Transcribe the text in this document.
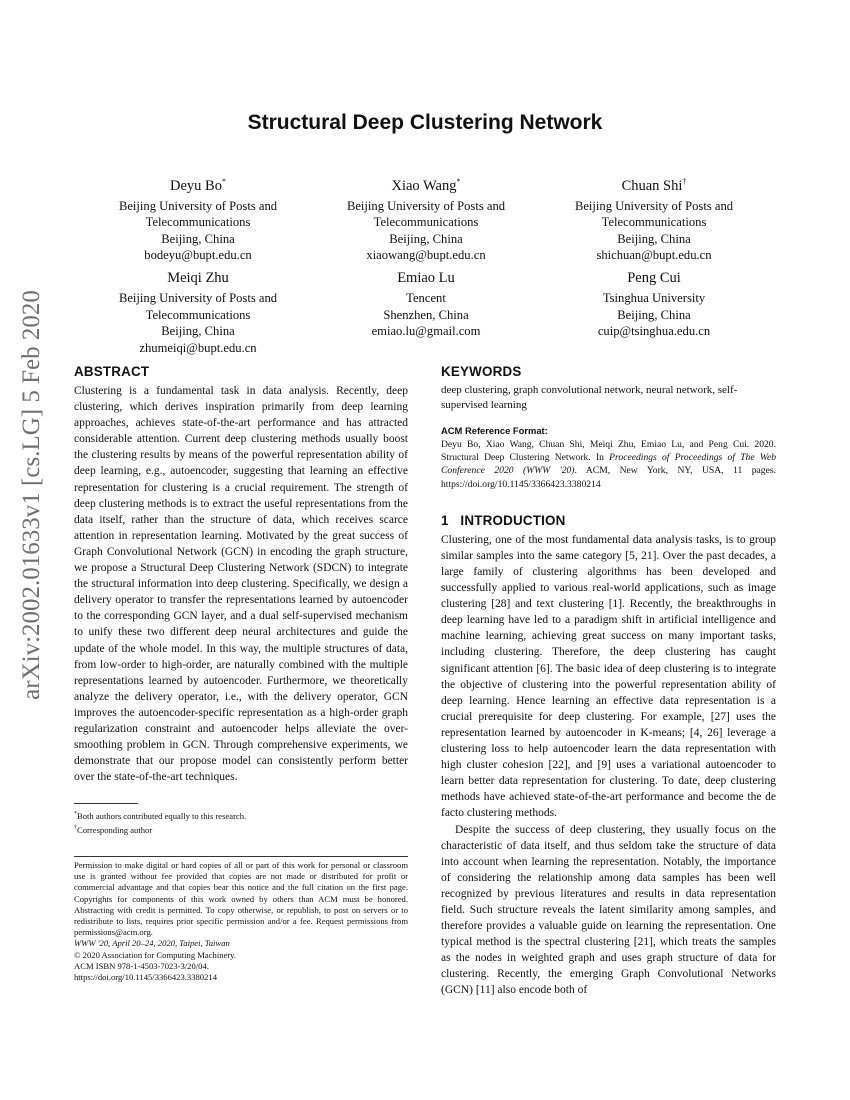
arXiv:2002.01633v1 [cs.LG] 5 Feb 2020
Structural Deep Clustering Network
Deyu Bo*
Beijing University of Posts and
Telecommunications
Beijing, China
bodeyu@bupt.edu.cn
Xiao Wang*
Beijing University of Posts and
Telecommunications
Beijing, China
xiaowang@bupt.edu.cn
Chuan Shi†
Beijing University of Posts and
Telecommunications
Beijing, China
shichuan@bupt.edu.cn
Meiqi Zhu
Beijing University of Posts and
Telecommunications
Beijing, China
zhumeiqi@bupt.edu.cn
Emiao Lu
Tencent
Shenzhen, China
emiao.lu@gmail.com
Peng Cui
Tsinghua University
Beijing, China
cuip@tsinghua.edu.cn
ABSTRACT

Clustering is a fundamental task in data analysis. Recently, deep clustering, which derives inspiration primarily from deep learning approaches, achieves state-of-the-art performance and has attracted considerable attention. Current deep clustering methods usually boost the clustering results by means of the powerful representation ability of deep learning, e.g., autoencoder, suggesting that learning an effective representation for clustering is a crucial requirement. The strength of deep clustering methods is to extract the useful representations from the data itself, rather than the structure of data, which receives scarce attention in representation learning. Motivated by the great success of Graph Convolutional Network (GCN) in encoding the graph structure, we propose a Structural Deep Clustering Network (SDCN) to integrate the structural information into deep clustering. Specifically, we design a delivery operator to transfer the representations learned by autoencoder to the corresponding GCN layer, and a dual self-supervised mechanism to unify these two different deep neural architectures and guide the update of the whole model. In this way, the multiple structures of data, from low-order to high-order, are naturally combined with the multiple representations learned by autoencoder. Furthermore, we theoretically analyze the delivery operator, i.e., with the delivery operator, GCN improves the autoencoder-specific representation as a high-order graph regularization constraint and autoencoder helps alleviate the over-smoothing problem in GCN. Through comprehensive experiments, we demonstrate that our propose model can consistently perform better over the state-of-the-art techniques.

*Both authors contributed equally to this research.
†Corresponding author

Permission to make digital or hard copies of all or part of this work for personal or classroom use is granted without fee provided that copies are not made or distributed for profit or commercial advantage and that copies bear this notice and the full citation on the first page. Copyrights for components of this work owned by others than ACM must be honored. Abstracting with credit is permitted. To copy otherwise, or republish, to post on servers or to redistribute to lists, requires prior specific permission and/or a fee. Request permissions from permissions@acm.org.

WWW '20, April 20–24, 2020, Taipei, Taiwan

© 2020 Association for Computing Machinery.

ACM ISBN 978-1-4503-7023-3/20/04.

https://doi.org/10.1145/3366423.3380214

KEYWORDS

deep clustering, graph convolutional network, neural network, self-supervised learning

ACM Reference Format:

Deyu Bo, Xiao Wang, Chuan Shi, Meiqi Zhu, Emiao Lu, and Peng Cui. 2020. Structural Deep Clustering Network. In Proceedings of Proceedings of The Web Conference 2020 (WWW '20). ACM, New York, NY, USA, 11 pages. https://doi.org/10.1145/3366423.3380214

1 INTRODUCTION

Clustering, one of the most fundamental data analysis tasks, is to group similar samples into the same category [5, 21]. Over the past decades, a large family of clustering algorithms has been developed and successfully applied to various real-world applications, such as image clustering [28] and text clustering [1]. Recently, the breakthroughs in deep learning have led to a paradigm shift in artificial intelligence and machine learning, achieving great success on many important tasks, including clustering. Therefore, the deep clustering has caught significant attention [6]. The basic idea of deep clustering is to integrate the objective of clustering into the powerful representation ability of deep learning. Hence learning an effective data representation is a crucial prerequisite for deep clustering. For example, [27] uses the representation learned by autoencoder in K-means; [4, 26] leverage a clustering loss to help autoencoder learn the data representation with high cluster cohesion [22], and [9] uses a variational autoencoder to learn better data representation for clustering. To date, deep clustering methods have achieved state-of-the-art performance and become the de facto clustering methods.

Despite the success of deep clustering, they usually focus on the characteristic of data itself, and thus seldom take the structure of data into account when learning the representation. Notably, the importance of considering the relationship among data samples has been well recognized by previous literatures and results in data representation field. Such structure reveals the latent similarity among samples, and therefore provides a valuable guide on learning the representation. One typical method is the spectral clustering [21], which treats the samples as the nodes in weighted graph and uses graph structure of data for clustering. Recently, the emerging Graph Convolutional Networks (GCN) [11] also encode both of
